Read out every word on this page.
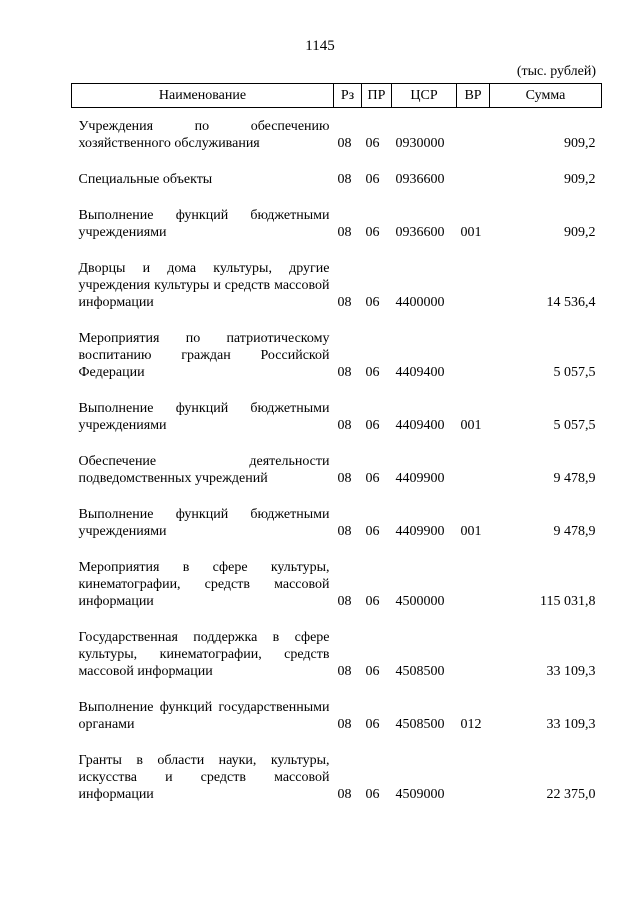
1145
(тыс. рублей)
Наименование	Рз	ПР	ЦСР	ВР	Сумма
Учреждения по обеспечению хозяйственного обслуживания	08	06	0930000		909,2

Специальные объекты	08	06	0936600		909,2

Выполнение функций бюджетными учреждениями	08	06	0936600	001	909,2

Дворцы и дома культуры, другие учреждения культуры и средств массовой информации	08	06	4400000		14 536,4

Мероприятия по патриотическому воспитанию граждан Российской Федерации	08	06	4409400		5 057,5

Выполнение функций бюджетными учреждениями	08	06	4409400	001	5 057,5

Обеспечение деятельности подведомственных учреждений	08	06	4409900		9 478,9

Выполнение функций бюджетными учреждениями	08	06	4409900	001	9 478,9

Мероприятия в сфере культуры, кинематографии, средств массовой информации	08	06	4500000		115 031,8

Государственная поддержка в сфере культуры, кинематографии, средств массовой информации	08	06	4508500		33 109,3

Выполнение функций государственными органами	08	06	4508500	012	33 109,3

Гранты в области науки, культуры, искусства и средств массовой информации	08	06	4509000		22 375,0
